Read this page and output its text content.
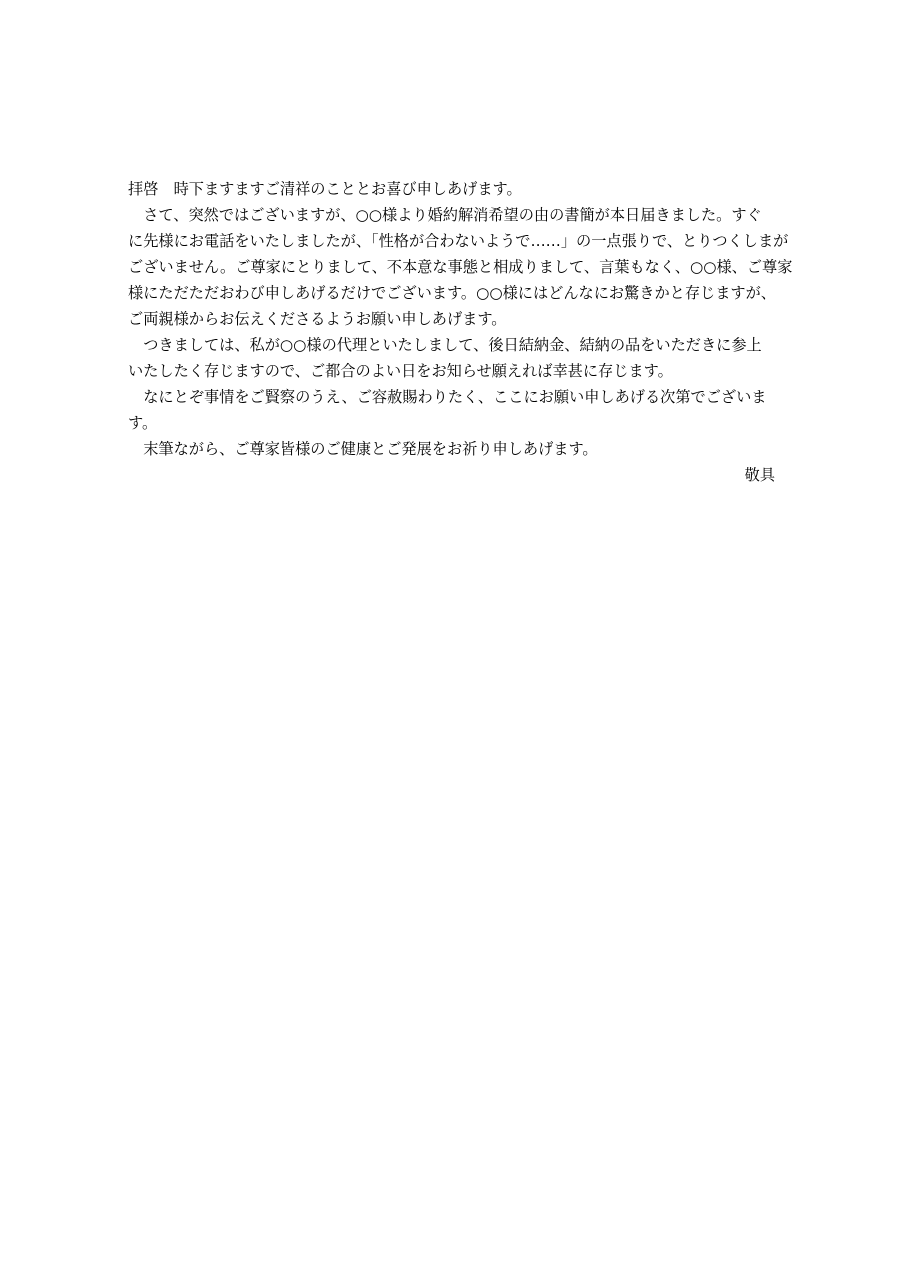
拝啓　時下ますますご清祥のこととお喜び申しあげます。
　さて、突然ではございますが、○○様より婚約解消希望の由の書簡が本日届きました。すぐ
に先様にお電話をいたしましたが、「性格が合わないようで……」の一点張りで、とりつくしまが
ございません。ご尊家にとりまして、不本意な事態と相成りまして、言葉もなく、○○様、ご尊家
様にただただおわび申しあげるだけでございます。○○様にはどんなにお驚きかと存じますが、
ご両親様からお伝えくださるようお願い申しあげます。
　つきましては、私が○○様の代理といたしまして、後日結納金、結納の品をいただきに参上
いたしたく存じますので、ご都合のよい日をお知らせ願えれば幸甚に存じます。
　なにとぞ事情をご賢察のうえ、ご容赦賜わりたく、ここにお願い申しあげる次第でございま
す。
　末筆ながら、ご尊家皆様のご健康とご発展をお祈り申しあげます。
敬具
